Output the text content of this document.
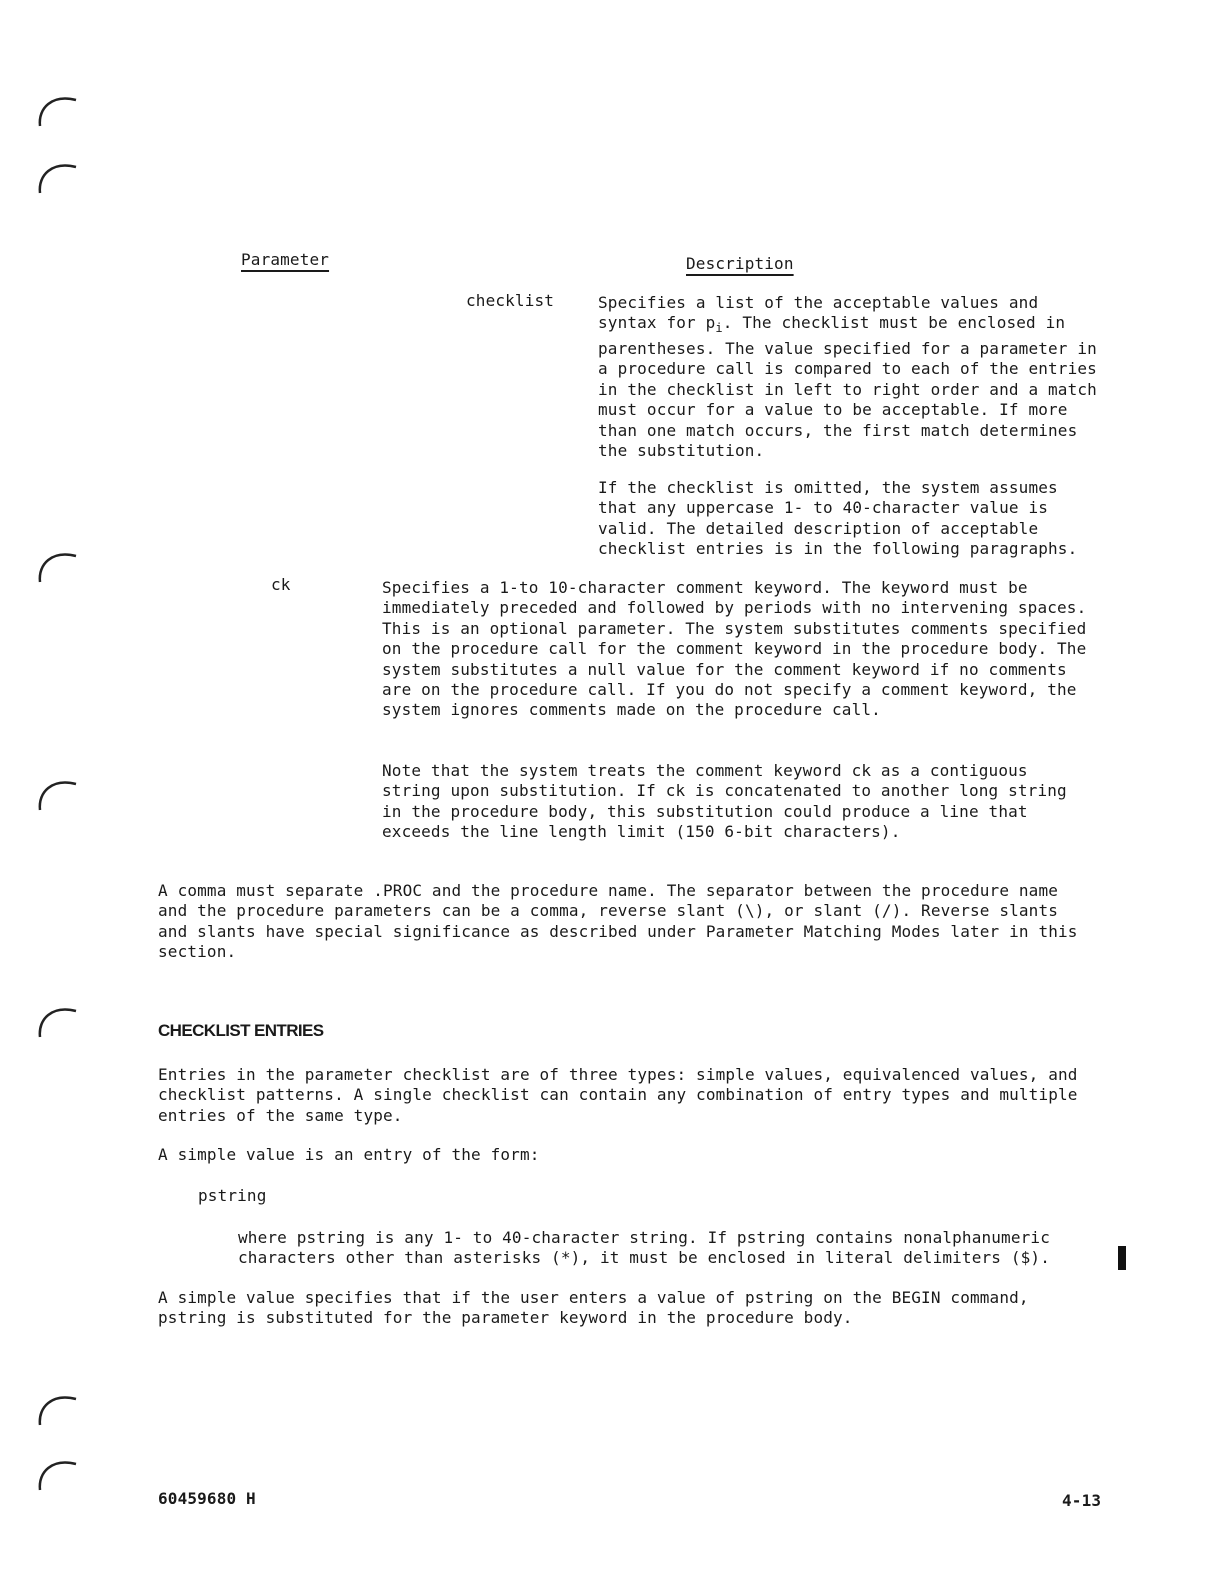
Parameter	Description
checklist	Specifies a list of the acceptable values and syntax for $p_i$. The checklist must be enclosed in parentheses. The value specified for a parameter in a procedure call is compared to each of the entries in the checklist in left to right order and a match must occur for a value to be acceptable. If more than one match occurs, the first match determines the substitution.
If the checklist is omitted, the system assumes that any uppercase 1- to 40-character value is valid. The detailed description of acceptable checklist entries is in the following paragraphs.
ck	Specifies a 1-to 10-character comment keyword. The keyword must be immediately preceded and followed by periods with no intervening spaces. This is an optional parameter. The system substitutes comments specified on the procedure call for the comment keyword in the procedure body. The system substitutes a null value for the comment keyword if no comments are on the procedure call. If you do not specify a comment keyword, the system ignores comments made on the procedure call.
Note that the system treats the comment keyword ck as a contiguous string upon substitution. If ck is concatenated to another long string in the procedure body, this substitution could produce a line that exceeds the line length limit (150 6-bit characters).
A comma must separate .PROC and the procedure name. The separator between the procedure name and the procedure parameters can be a comma, reverse slant (\), or slant (/). Reverse slants and slants have special significance as described under Parameter Matching Modes later in this section.
CHECKLIST ENTRIES
Entries in the parameter checklist are of three types: simple values, equivalenced values, and checklist patterns. A single checklist can contain any combination of entry types and multiple entries of the same type.
A simple value is an entry of the form:
pstring
where pstring is any 1- to 40-character string. If pstring contains nonalphanumeric characters other than asterisks (*), it must be enclosed in literal delimiters ($).
A simple value specifies that if the user enters a value of pstring on the BEGIN command, pstring is substituted for the parameter keyword in the procedure body.
60459680 H	4-13
